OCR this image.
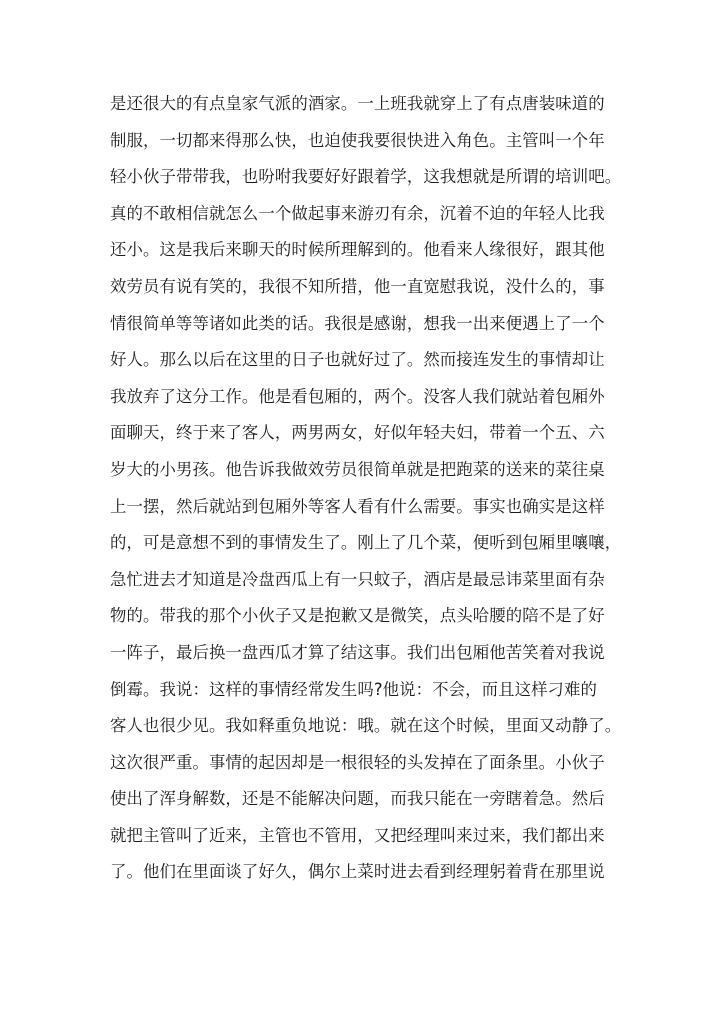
是还很大的有点皇家气派的酒家。一上班我就穿上了有点唐装味道的
制服，一切都来得那么快，也迫使我要很快进入角色。主管叫一个年
轻小伙子带带我，也吩咐我要好好跟着学，这我想就是所谓的培训吧。
真的不敢相信就怎么一个做起事来游刃有余，沉着不迫的年轻人比我
还小。这是我后来聊天的时候所理解到的。他看来人缘很好，跟其他
效劳员有说有笑的，我很不知所措，他一直宽慰我说，没什么的，事
情很简单等等诸如此类的话。我很是感谢，想我一出来便遇上了一个
好人。那么以后在这里的日子也就好过了。然而接连发生的事情却让
我放弃了这分工作。他是看包厢的，两个。没客人我们就站着包厢外
面聊天，终于来了客人，两男两女，好似年轻夫妇，带着一个五、六
岁大的小男孩。他告诉我做效劳员很简单就是把跑菜的送来的菜往桌
上一摆，然后就站到包厢外等客人看有什么需要。事实也确实是这样
的，可是意想不到的事情发生了。刚上了几个菜，便听到包厢里嚷嚷，
急忙进去才知道是冷盘西瓜上有一只蚊子，酒店是最忌讳菜里面有杂
物的。带我的那个小伙子又是抱歉又是微笑，点头哈腰的陪不是了好
一阵子，最后换一盘西瓜才算了结这事。我们出包厢他苦笑着对我说
倒霉。我说：这样的事情经常发生吗?他说：不会，而且这样刁难的
客人也很少见。我如释重负地说：哦。就在这个时候，里面又动静了。
这次很严重。事情的起因却是一根很轻的头发掉在了面条里。小伙子
使出了浑身解数，还是不能解决问题，而我只能在一旁瞎着急。然后
就把主管叫了近来，主管也不管用，又把经理叫来过来，我们都出来
了。他们在里面谈了好久，偶尔上菜时进去看到经理躬着背在那里说
